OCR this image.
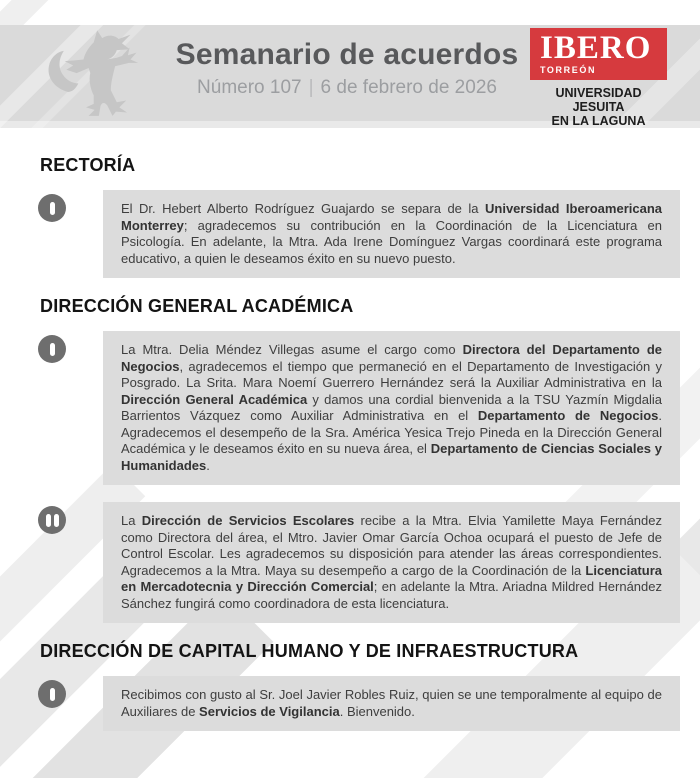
Semanario de acuerdos
Número 107 | 6 de febrero de 2026
IBERO
TORREÓN
UNIVERSIDAD JESUITA
EN LA LAGUNA
RECTORÍA
El Dr. Hebert Alberto Rodríguez Guajardo se separa de la Universidad Iberoamericana Monterrey; agradecemos su contribución en la Coordinación de la Licenciatura en Psicología. En adelante, la Mtra. Ada Irene Domínguez Vargas coordinará este programa educativo, a quien le deseamos éxito en su nuevo puesto.
DIRECCIÓN GENERAL ACADÉMICA
La Mtra. Delia Méndez Villegas asume el cargo como Directora del Departamento de Negocios, agradecemos el tiempo que permaneció en el Departamento de Investigación y Posgrado. La Srita. Mara Noemí Guerrero Hernández será la Auxiliar Administrativa en la Dirección General Académica y damos una cordial bienvenida a la TSU Yazmín Migdalia Barrientos Vázquez como Auxiliar Administrativa en el Departamento de Negocios. Agradecemos el desempeño de la Sra. América Yesica Trejo Pineda en la Dirección General Académica y le deseamos éxito en su nueva área, el Departamento de Ciencias Sociales y Humanidades.
La Dirección de Servicios Escolares recibe a la Mtra. Elvia Yamilette Maya Fernández como Directora del área, el Mtro. Javier Omar García Ochoa ocupará el puesto de Jefe de Control Escolar. Les agradecemos su disposición para atender las áreas correspondientes. Agradecemos a la Mtra. Maya su desempeño a cargo de la Coordinación de la Licenciatura en Mercadotecnia y Dirección Comercial; en adelante la Mtra. Ariadna Mildred Hernández Sánchez fungirá como coordinadora de esta licenciatura.
DIRECCIÓN DE CAPITAL HUMANO Y DE INFRAESTRUCTURA
Recibimos con gusto al Sr. Joel Javier Robles Ruiz, quien se une temporalmente al equipo de Auxiliares de Servicios de Vigilancia. Bienvenido.
